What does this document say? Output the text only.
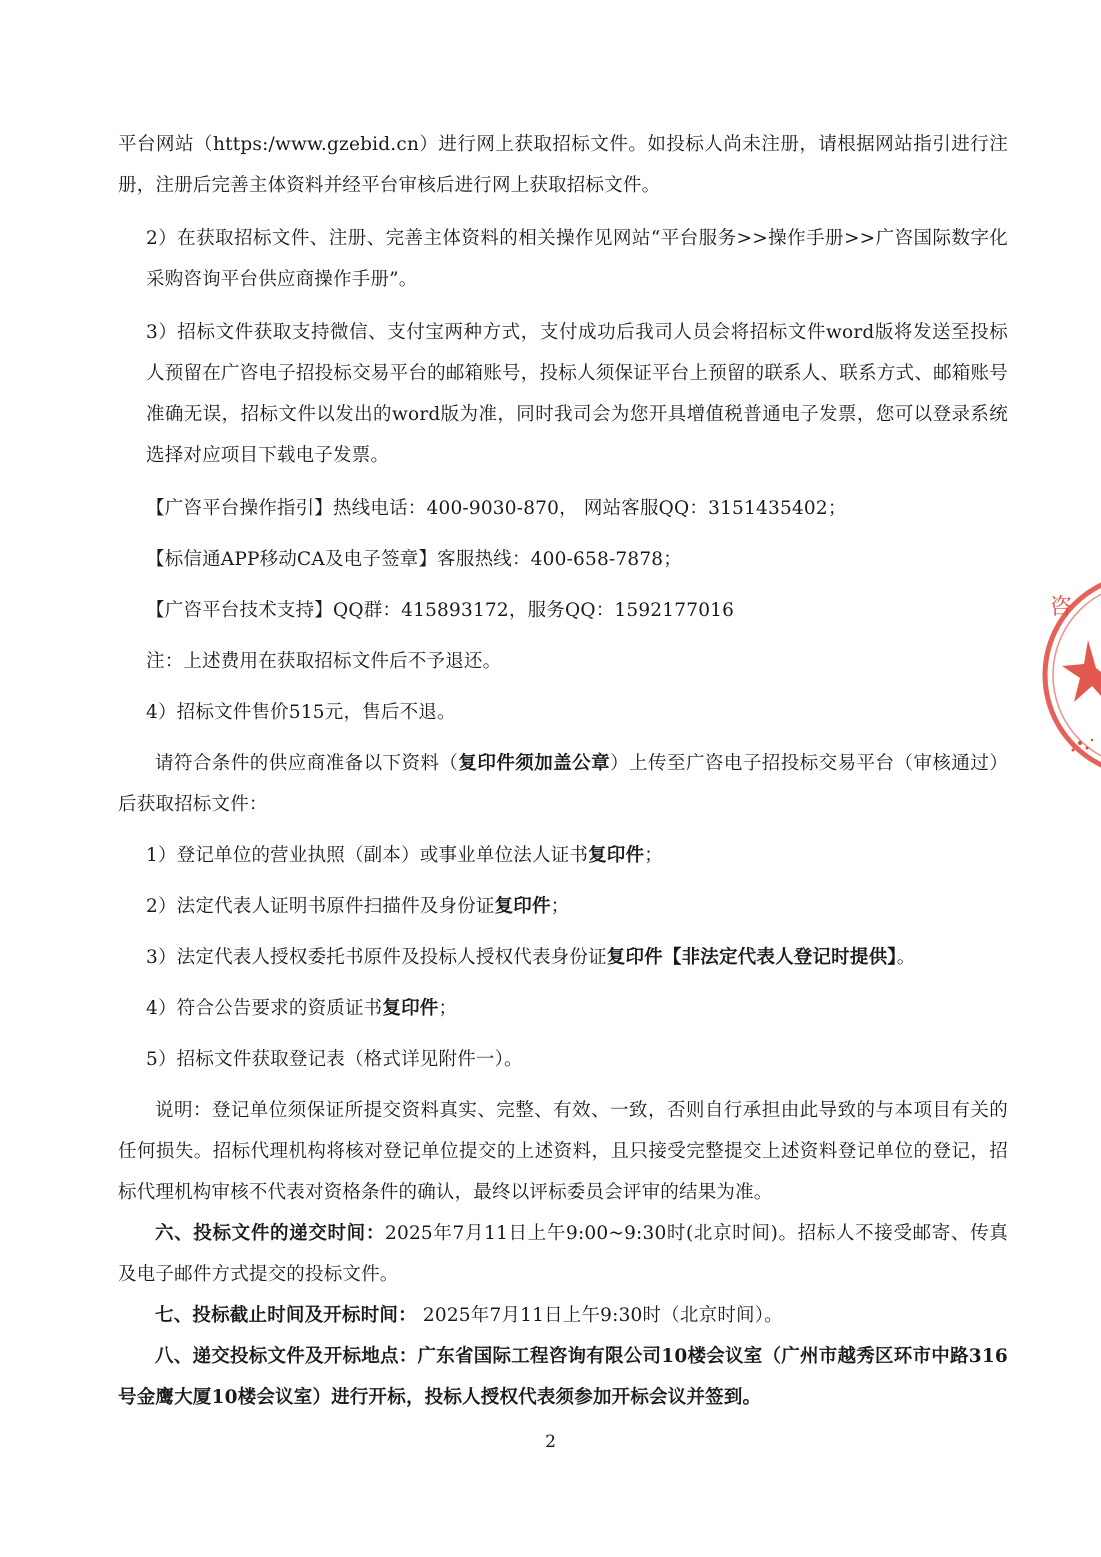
平台网站（https:/www.gzebid.cn）进行网上获取招标文件。如投标人尚未注册，请根据网站指引进行注册，注册后完善主体资料并经平台审核后进行网上获取招标文件。

2）在获取招标文件、注册、完善主体资料的相关操作见网站“平台服务>>操作手册>>广咨国际数字化采购咨询平台供应商操作手册”。

3）招标文件获取支持微信、支付宝两种方式，支付成功后我司人员会将招标文件word版将发送至投标人预留在广咨电子招投标交易平台的邮箱账号，投标人须保证平台上预留的联系人、联系方式、邮箱账号准确无误，招标文件以发出的word版为准，同时我司会为您开具增值税普通电子发票，您可以登录系统选择对应项目下载电子发票。

【广咨平台操作指引】热线电话：400-9030-870， 网站客服QQ：3151435402；

【标信通APP移动CA及电子签章】客服热线：400-658-7878；

【广咨平台技术支持】QQ群：415893172，服务QQ：1592177016

注：上述费用在获取招标文件后不予退还。

4）招标文件售价515元，售后不退。

请符合条件的供应商准备以下资料（复印件须加盖公章）上传至广咨电子招投标交易平台（审核通过）后获取招标文件：

1）登记单位的营业执照（副本）或事业单位法人证书复印件；

2）法定代表人证明书原件扫描件及身份证复印件；

3）法定代表人授权委托书原件及投标人授权代表身份证复印件【非法定代表人登记时提供】。

4）符合公告要求的资质证书复印件；

5）招标文件获取登记表（格式详见附件一）。

说明：登记单位须保证所提交资料真实、完整、有效、一致，否则自行承担由此导致的与本项目有关的任何损失。招标代理机构将核对登记单位提交的上述资料，且只接受完整提交上述资料登记单位的登记，招标代理机构审核不代表对资格条件的确认，最终以评标委员会评审的结果为准。

六、投标文件的递交时间：2025年7月11日上午9:00~9:30时(北京时间)。招标人不接受邮寄、传真及电子邮件方式提交的投标文件。

七、投标截止时间及开标时间： 2025年7月11日上午9:30时（北京时间）。

八、递交投标文件及开标地点：广东省国际工程咨询有限公司10楼会议室（广州市越秀区环市中路316号金鹰大厦10楼会议室）进行开标，投标人授权代表须参加开标会议并签到。

咨
2
